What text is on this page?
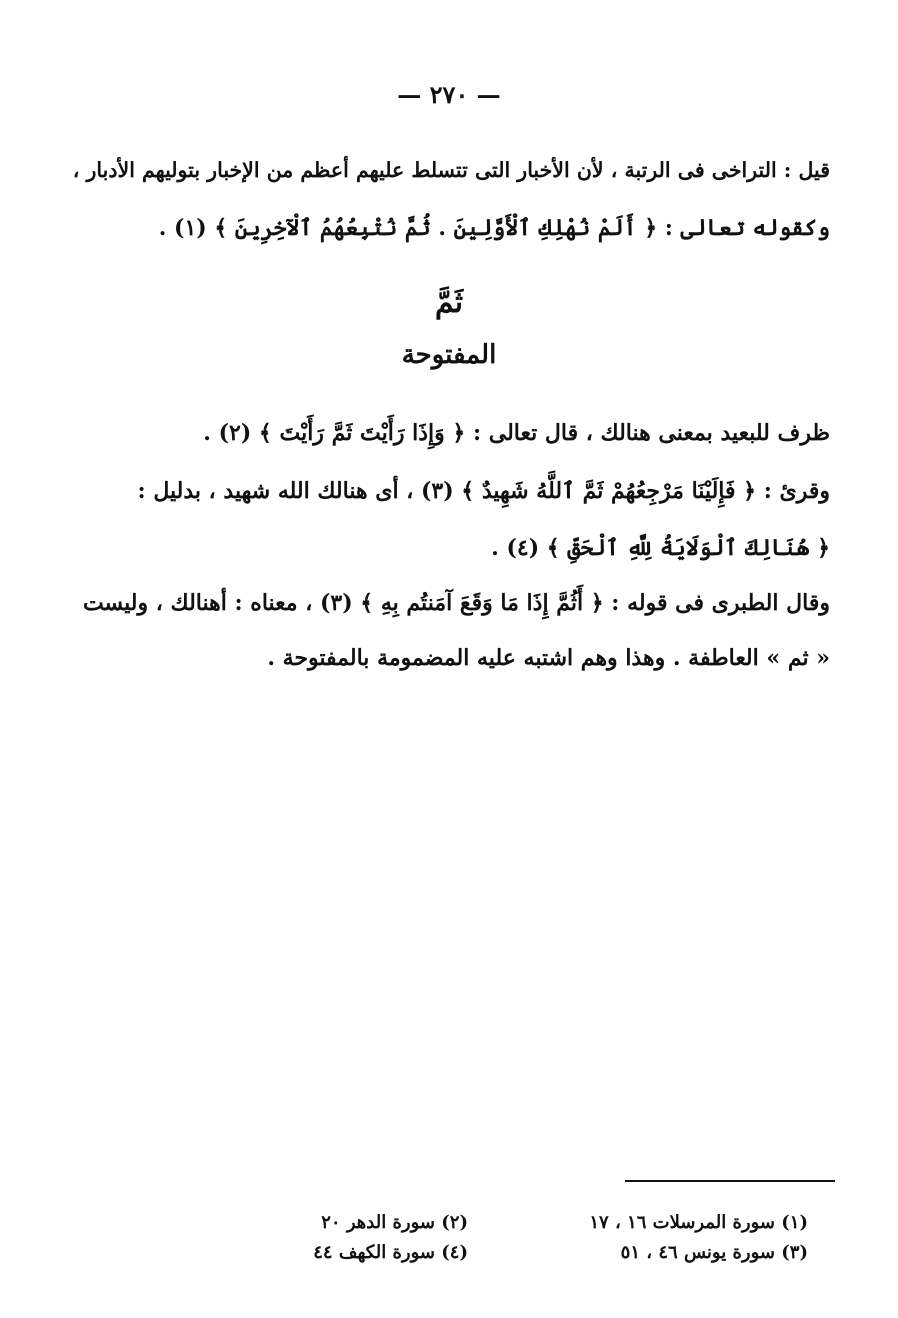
— ٢٧٠ —
قيل : التراخى فى الرتبة ، لأن الأخبار التى تتسلط عليهم أعظم من الإخبار بتوليهم الأدبار ،
وكقوله تعالى : ﴿ أَلَمْ نُهْلِكِ ٱلْأَوَّلِينَ . ثُمَّ نُتْبِعُهُمُ ٱلْآخِرِينَ ﴾ (١) .
ثَمَّ
المفتوحة
ظرف للبعيد بمعنى هنالك ، قال تعالى : ﴿ وَإِذَا رَأَيْتَ ثَمَّ رَأَيْتَ ﴾ (٢) .
وقرئ : ﴿ فَإِلَيْنَا مَرْجِعُهُمْ ثَمَّ ٱللَّهُ شَهِيدٌ ﴾ (٣) ، أى هنالك الله شهيد ، بدليل :
﴿ هُنَالِكَ ٱلْوَلَايَةُ لِلَّهِ ٱلْحَقِّ ﴾ (٤) .
وقال الطبرى فى قوله : ﴿ أَثُمَّ إِذَا مَا وَقَعَ آمَنتُم بِهِ ﴾ (٣) ، معناه : أهنالك ، وليست
« ثم » العاطفة . وهذا وهم اشتبه عليه المضمومة بالمفتوحة .
(١) سورة المرسلات ١٦ ، ١٧
(٣) سورة يونس ٤٦ ، ٥١
(٢) سورة الدهر ٢٠
(٤) سورة الكهف ٤٤
